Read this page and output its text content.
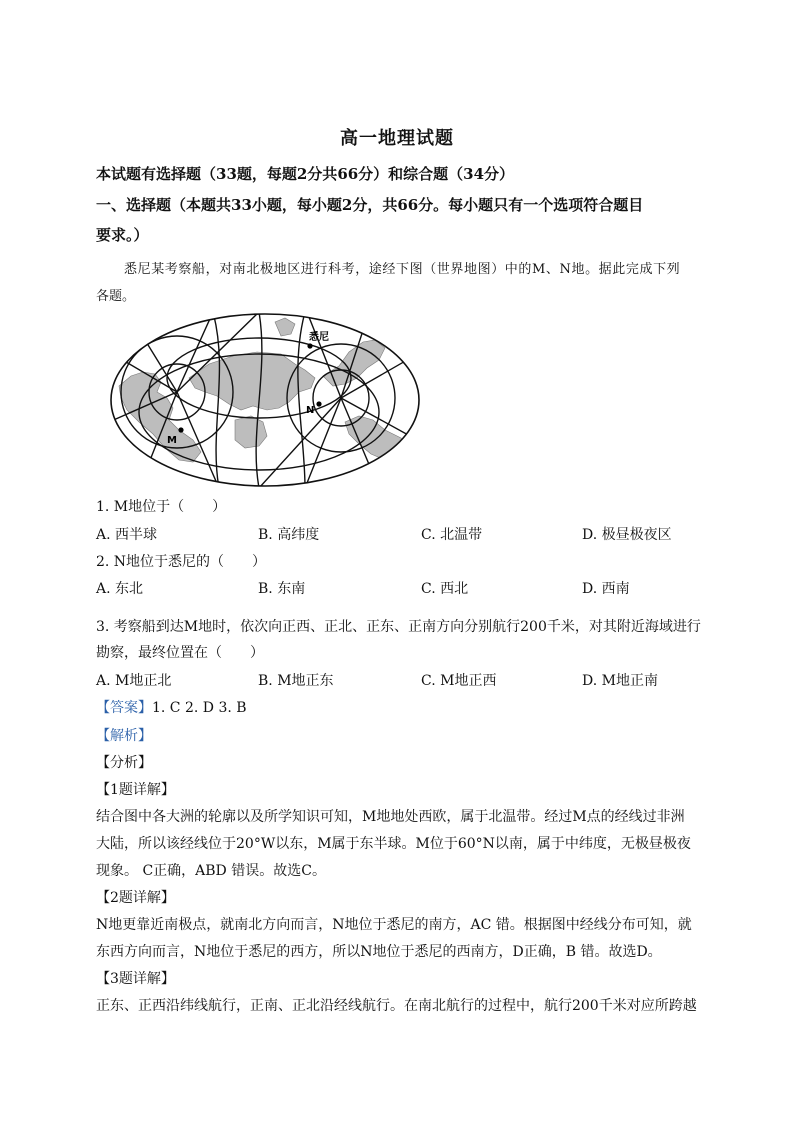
高一地理试题
本试题有选择题（33题，每题2分共66分）和综合题（34分）
一、选择题（本题共33小题，每小题2分，共66分。每小题只有一个选项符合题目
要求。）
悉尼某考察船，对南北极地区进行科考，途经下图（世界地图）中的M、N地。据此完成下列
各题。
悉尼
N
M
1. M地位于（　　）
A. 西半球	B. 高纬度	C. 北温带	D. 极昼极夜区
2. N地位于悉尼的（　　）
A. 东北	B. 东南	C. 西北	D. 西南
3. 考察船到达M地时，依次向正西、正北、正东、正南方向分别航行200千米，对其附近海域进行
勘察，最终位置在（　　）
A. M地正北	B. M地正东	C. M地正西	D. M地正南
【答案】1. C 2. D 3. B
【解析】
【分析】
【1题详解】
结合图中各大洲的轮廓以及所学知识可知，M地地处西欧，属于北温带。经过M点的经线过非洲
大陆，所以该经线位于20°W以东，M属于东半球。M位于60°N以南，属于中纬度，无极昼极夜
现象。 C正确，ABD 错误。故选C。
【2题详解】
N地更靠近南极点，就南北方向而言，N地位于悉尼的南方，AC 错。根据图中经线分布可知，就
东西方向而言，N地位于悉尼的西方，所以N地位于悉尼的西南方，D正确，B 错。故选D。
【3题详解】
正东、正西沿纬线航行，正南、正北沿经线航行。在南北航行的过程中，航行200千米对应所跨越
